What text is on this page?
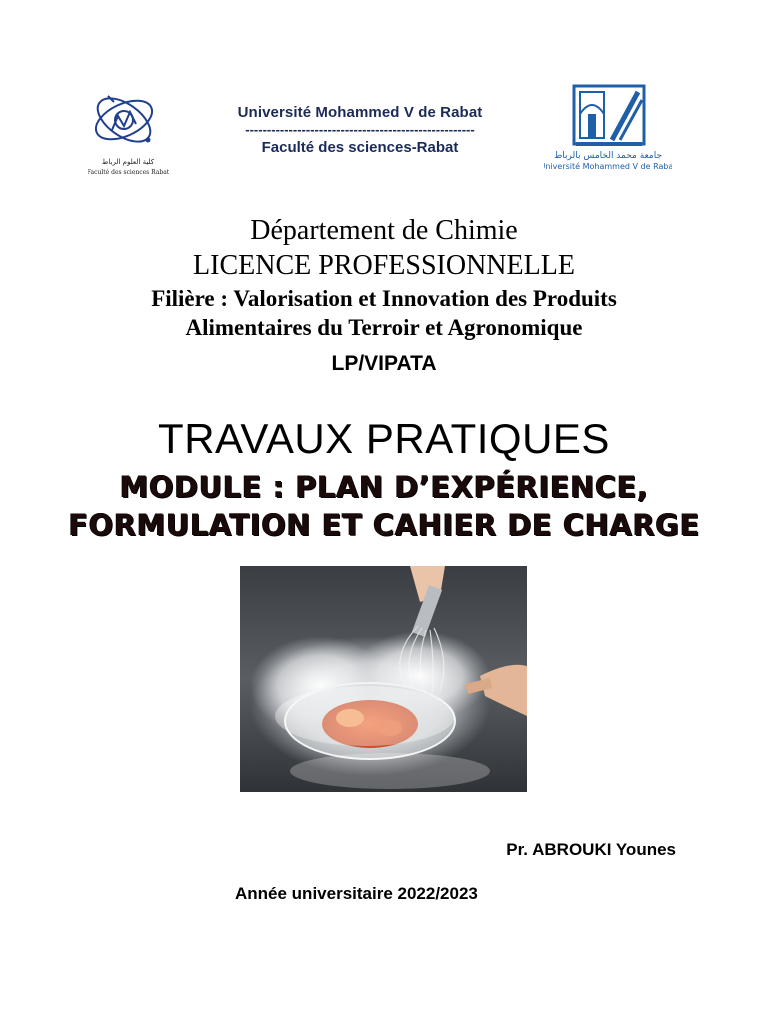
كلية العلوم الرباط
Faculté des sciences Rabat
Université Mohammed V de Rabat
-----------------------------------------------------
Faculté des sciences-Rabat	جامعة محمد الخامس بالرباط
Université Mohammed V de Rabat
Département de Chimie
LICENCE PROFESSIONNELLE
Filière : Valorisation et Innovation des Produits
Alimentaires du Terroir et Agronomique
LP/VIPATA
TRAVAUX PRATIQUES
MODULE : PLAN D’EXPÉRIENCE,
FORMULATION ET CAHIER DE CHARGE
Pr. ABROUKI Younes
Année universitaire 2022/2023
